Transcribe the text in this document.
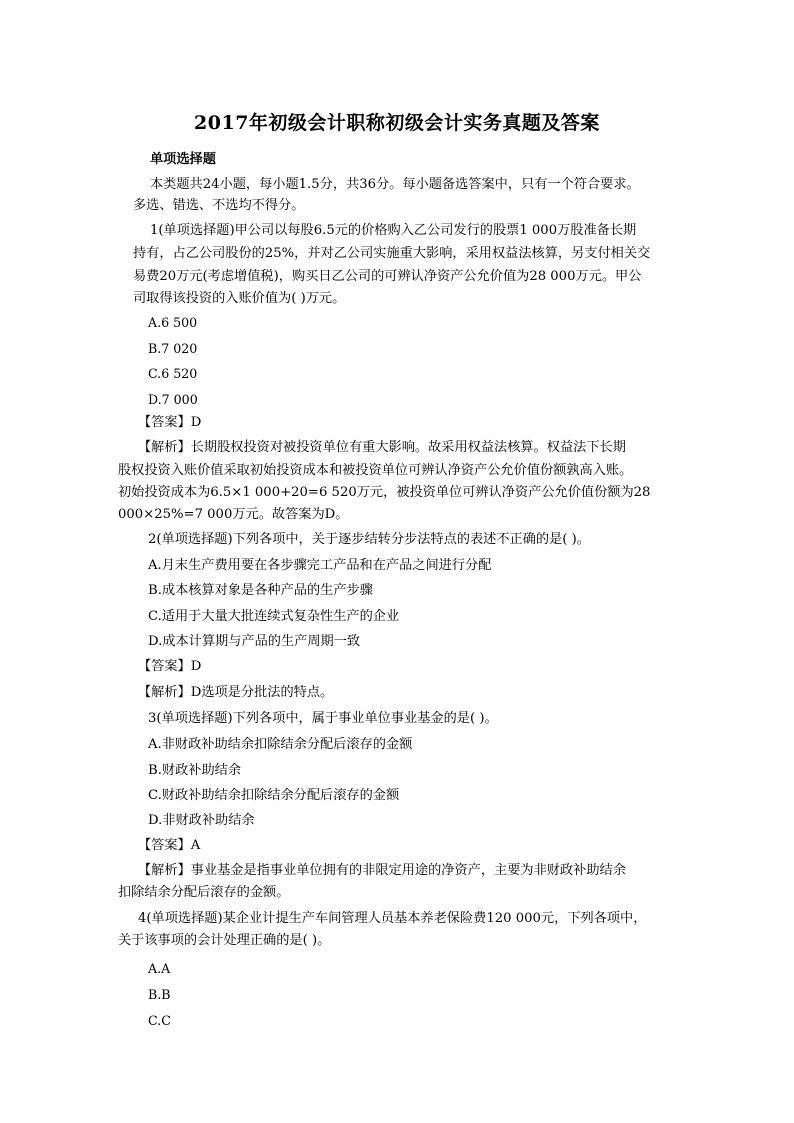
2017年初级会计职称初级会计实务真题及答案
单项选择题
本类题共24小题，每小题1.5分，共36分。每小题备选答案中，只有一个符合要求。
多选、错选、不选均不得分。
1(单项选择题)甲公司以每股6.5元的价格购入乙公司发行的股票1 000万股准备长期
持有，占乙公司股份的25%，并对乙公司实施重大影响，采用权益法核算，另支付相关交
易费20万元(考虑增值税)，购买日乙公司的可辨认净资产公允价值为28 000万元。甲公
司取得该投资的入账价值为( )万元。
A.6 500
B.7 020
C.6 520
D.7 000
【答案】D
【解析】长期股权投资对被投资单位有重大影响。故采用权益法核算。权益法下长期
股权投资入账价值采取初始投资成本和被投资单位可辨认净资产公允价值份额孰高入账。
初始投资成本为6.5×1 000+20=6 520万元，被投资单位可辨认净资产公允价值份额为28
000×25%=7 000万元。故答案为D。
2(单项选择题)下列各项中，关于逐步结转分步法特点的表述不正确的是( )。
A.月末生产费用要在各步骤完工产品和在产品之间进行分配
B.成本核算对象是各种产品的生产步骤
C.适用于大量大批连续式复杂性生产的企业
D.成本计算期与产品的生产周期一致
【答案】D
【解析】D选项是分批法的特点。
3(单项选择题)下列各项中，属于事业单位事业基金的是( )。
A.非财政补助结余扣除结余分配后滚存的金额
B.财政补助结余
C.财政补助结余扣除结余分配后滚存的金额
D.非财政补助结余
【答案】A
【解析】事业基金是指事业单位拥有的非限定用途的净资产，主要为非财政补助结余
扣除结余分配后滚存的金额。
4(单项选择题)某企业计提生产车间管理人员基本养老保险费120 000元，下列各项中，
关于该事项的会计处理正确的是( )。
A.A
B.B
C.C
